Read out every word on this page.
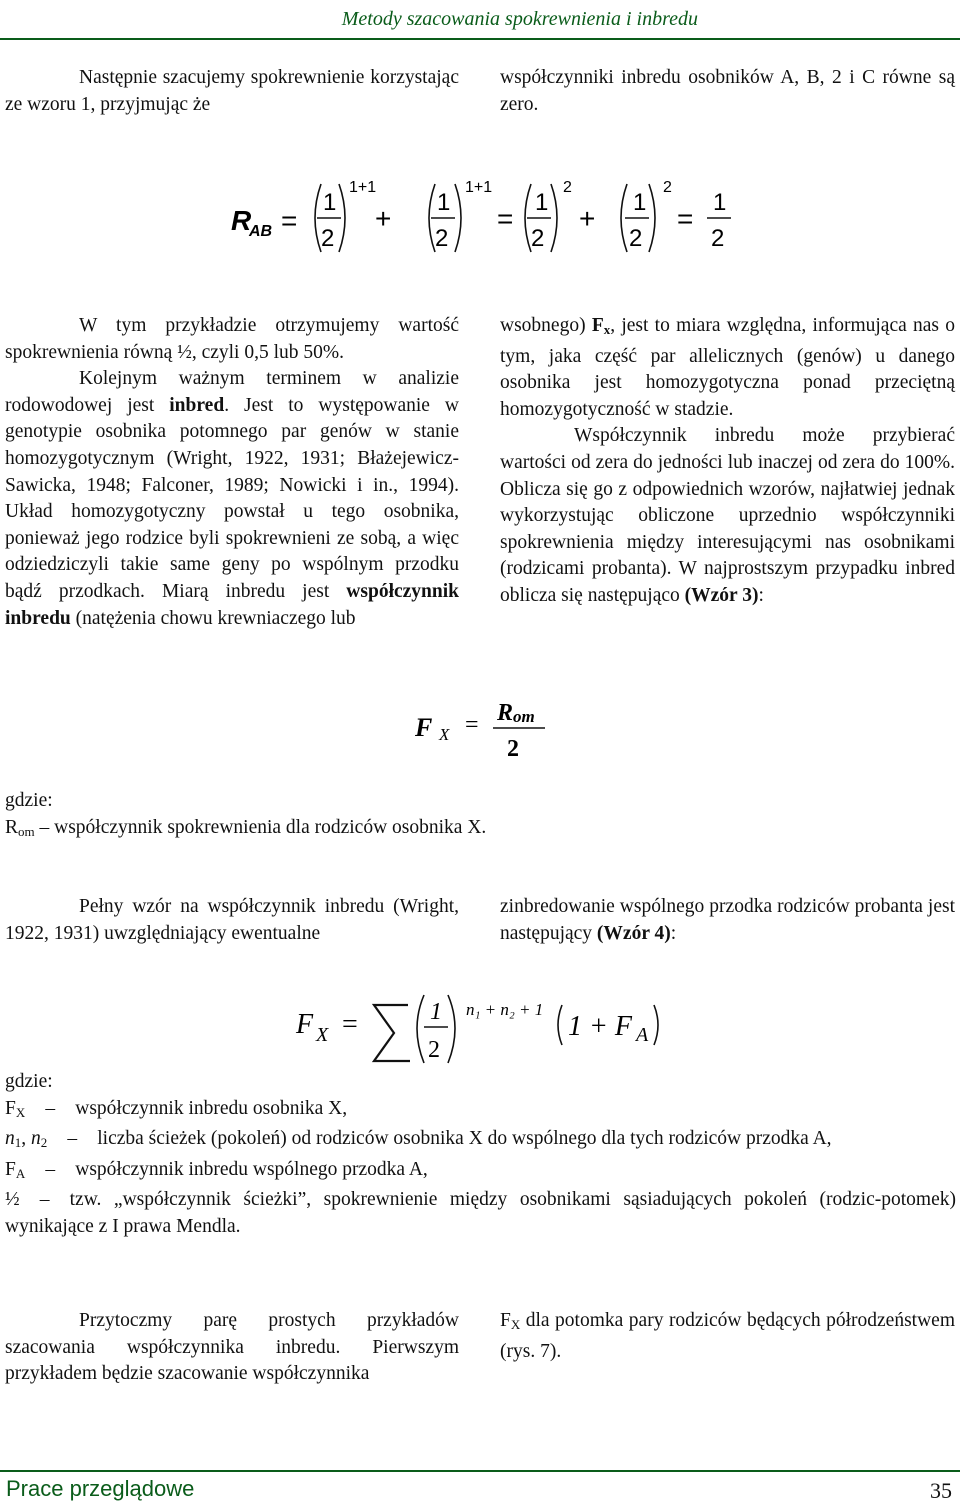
Metody szacowania spokrewnienia i inbredu

Następnie szacujemy spokrewnienie korzystając ze wzoru 1, przyjmując że

współczynniki inbredu osobników A, B, 2 i C równe są zero.

R
AB =
1
2
1+1
+
1
2
1+1
=
1
2
2
+
1
2
2
=
1
2

W tym przykładzie otrzymujemy wartość spokrewnienia równą ½, czyli 0,5 lub 50%.

Kolejnym ważnym terminem w analizie rodowodowej jest inbred. Jest to występowanie w genotypie osobnika potomnego par genów w stanie homozygotycznym (Wright, 1922, 1931; Błażejewicz-Sawicka, 1948; Falconer, 1989; Nowicki i in., 1994). Układ homozygotyczny powstał u tego osobnika, ponieważ jego rodzice byli spokrewnieni ze sobą, a więc odziedziczyli takie same geny po wspólnym przodku bądź przodkach. Miarą inbredu jest współczynnik inbredu (natężenia chowu krewniaczego lub

wsobnego) $F_x$, jest to miara względna, informująca nas o tym, jaka część par allelicznych (genów) u danego osobnika jest homozygotyczna ponad przeciętną homozygotyczność w stadzie.

Współczynnik inbredu może przybierać wartości od zera do jedności lub inaczej od zera do 100%. Oblicza się go z odpowiednich wzorów, najłatwiej jednak wykorzystując obliczone uprzednio współczynniki spokrewnienia między interesującymi nas osobnikami (rodzicami probanta). W najprostszym przypadku inbred oblicza się następująco (Wzór 3):

F X = R om
2

gdzie:

$R_{om}$ – współczynnik spokrewnienia dla rodziców osobnika X.

Pełny wzór na współczynnik inbredu (Wright, 1922, 1931) uwzględniający ewentualne

zinbredowanie wspólnego przodka rodziców probanta jest następujący (Wzór 4):

F X =	1
2
n₁ + n₂ + 1
1 + F A

gdzie:

$F_X$ – współczynnik inbredu osobnika X,

$n_1$, $n_2$ – liczba ścieżek (pokoleń) od rodziców osobnika X do wspólnego dla tych rodziców przodka A,

$F_A$ – współczynnik inbredu wspólnego przodka A,

½ – tzw. „współczynnik ścieżki”, spokrewnienie między osobnikami sąsiadujących pokoleń (rodzic-potomek) wynikające z I prawa Mendla.

Przytoczmy parę prostych przykładów szacowania współczynnika inbredu. Pierwszym przykładem będzie szacowanie współczynnika

$F_X$ dla potomka pary rodziców będących półrodzeństwem (rys. 7).

Prace przeglądowe	35
